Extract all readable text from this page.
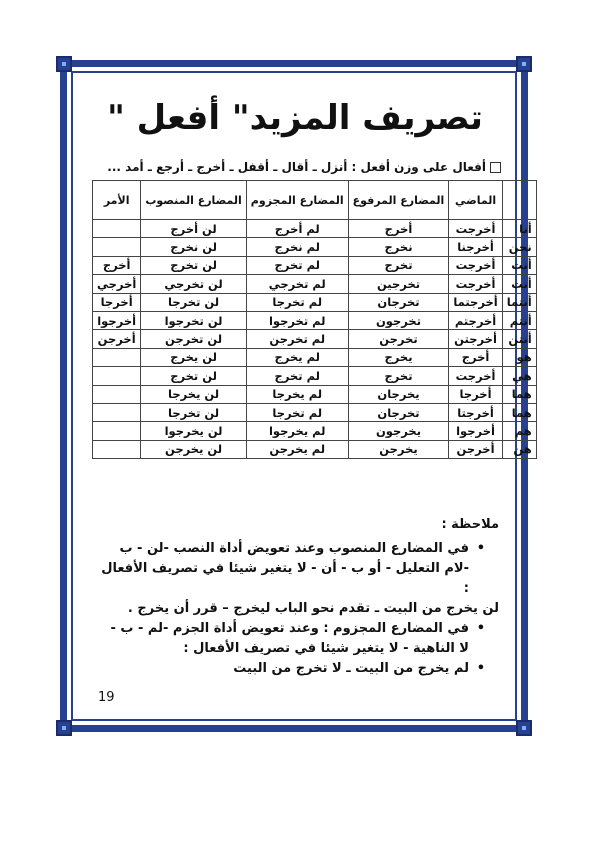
تصريف المزيد" أفعل "
أفعال على وزن أفعل : أنزل ـ أقال ـ أقفل ـ أخرج ـ أرجع ـ أمد ...
	الماضي	المضارع المرفوع	المضارع المجزوم	المضارع المنصوب	الأمر
أنا	أخرجت	أخرج	لم أخرج	لن أخرج	
نحن	أخرجنا	نخرج	لم نخرج	لن نخرج	
أنت	أخرجت	تخرج	لم تخرج	لن تخرج	أخرج
أنت	أخرجت	تخرجين	لم تخرجي	لن تخرجي	أخرجي
أنتما	أخرجتما	تخرجان	لم تخرجا	لن تخرجا	أخرجا
أنتم	أخرجتم	تخرجون	لم تخرجوا	لن تخرجوا	أخرجوا
أنتن	أخرجتن	تخرجن	لم تخرجن	لن تخرجن	أخرجن
هو	أخرج	يخرج	لم يخرج	لن يخرج	
هي	أخرجت	تخرج	لم تخرج	لن تخرج	
هما	أخرجا	يخرجان	لم يخرجا	لن يخرجا	
هما	أخرجتا	تخرجان	لم تخرجا	لن تخرجا	
هم	أخرجوا	يخرجون	لم يخرجوا	لن يخرجوا	
هن	أخرجن	يخرجن	لم يخرجن	لن يخرجن	
ملاحظة :
• في المضارع المنصوب وعند تعويض أداة النصب -لن - ب -لام التعليل - أو ب - أن - لا يتغير شيئا في تصريف الأفعال :
لن يخرج من البيت ـ تقدم نحو الباب ليخرج – قرر أن يخرج .
• في المضارع المجزوم : وعند تعويض أداة الجزم -لم - ب - لا الناهية - لا يتغير شيئا في تصريف الأفعال :
• لم يخرج من البيت ـ لا تخرج من البيت
19
